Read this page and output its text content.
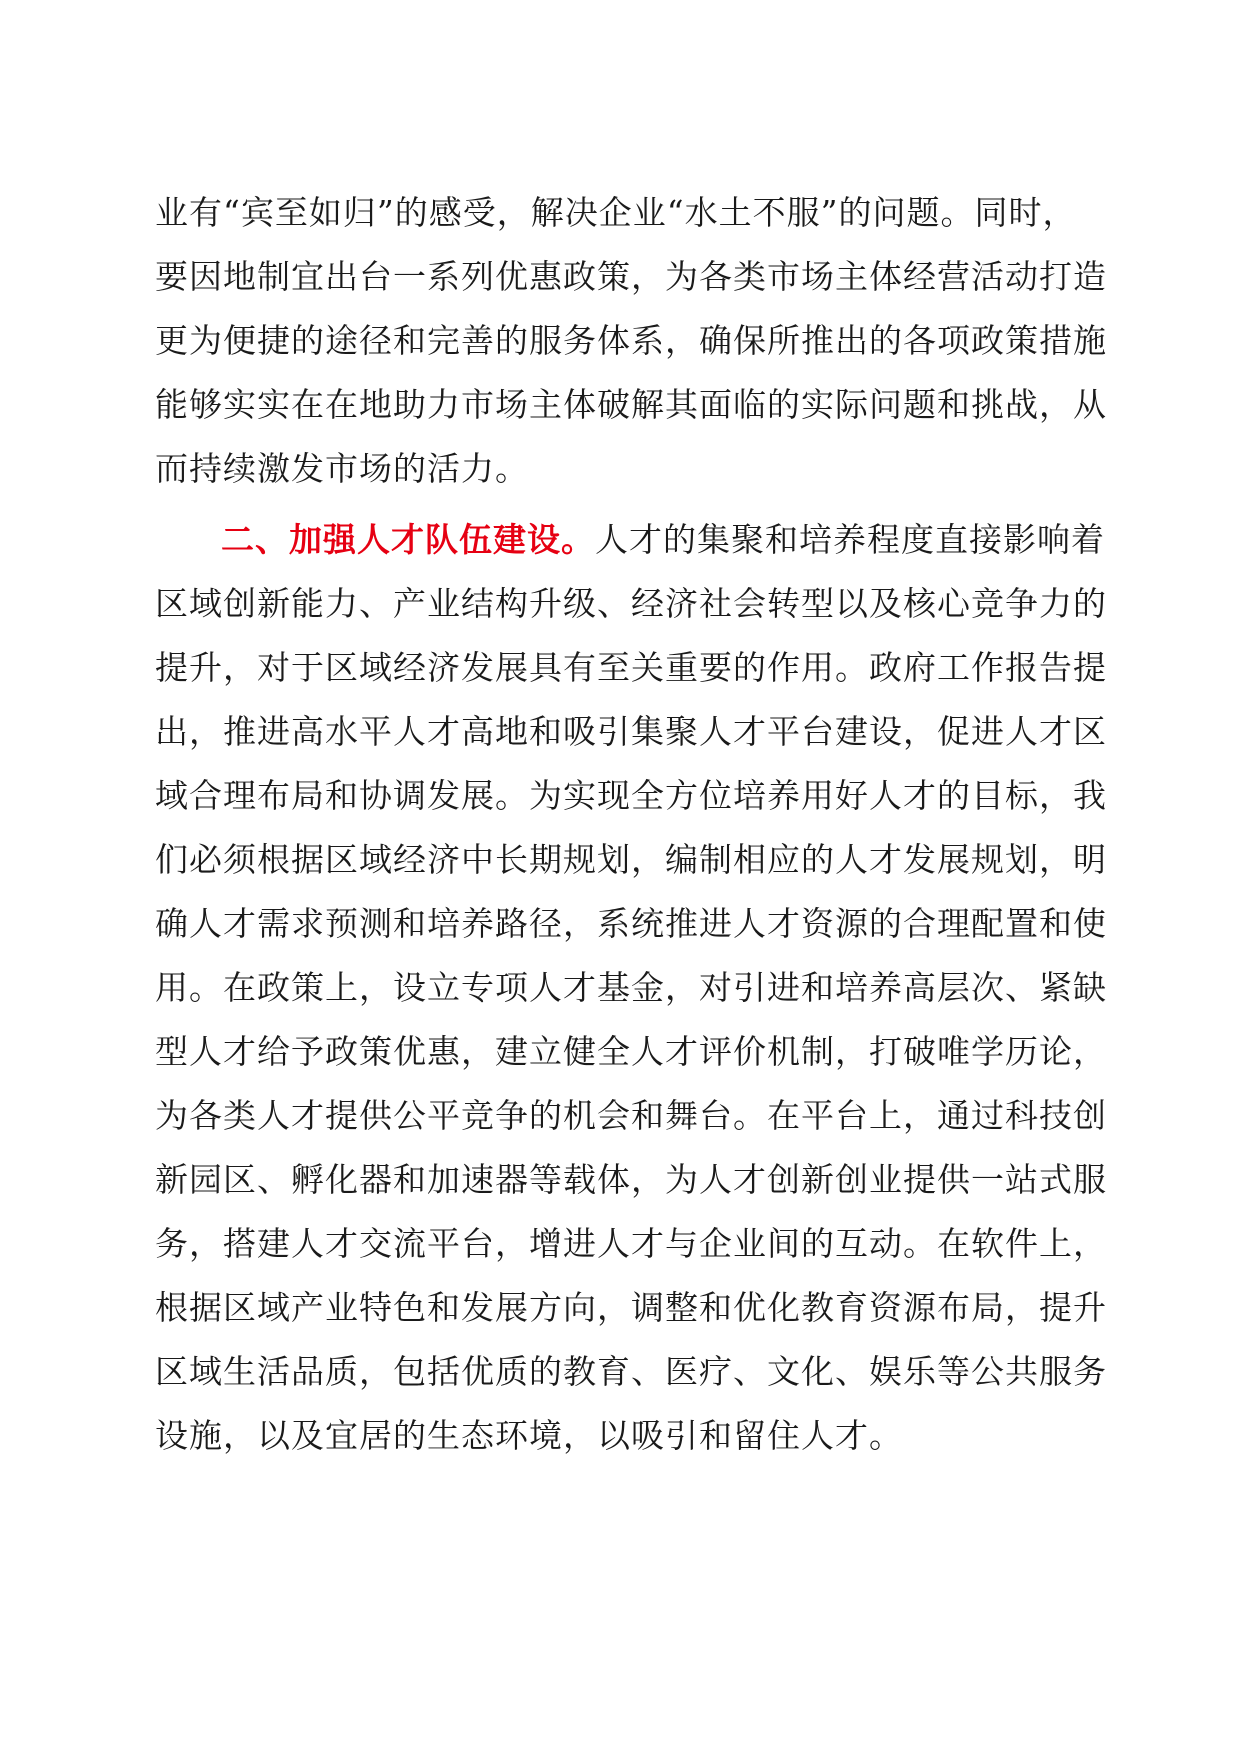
业有“宾至如归”的感受，解决企业“水土不服”的问题。同时，
要因地制宜出台一系列优惠政策，为各类市场主体经营活动打造
更为便捷的途径和完善的服务体系，确保所推出的各项政策措施
能够实实在在地助力市场主体破解其面临的实际问题和挑战，从
而持续激发市场的活力。
二、加强人才队伍建设。人才的集聚和培养程度直接影响着
区域创新能力、产业结构升级、经济社会转型以及核心竞争力的
提升，对于区域经济发展具有至关重要的作用。政府工作报告提
出，推进高水平人才高地和吸引集聚人才平台建设，促进人才区
域合理布局和协调发展。为实现全方位培养用好人才的目标，我
们必须根据区域经济中长期规划，编制相应的人才发展规划，明
确人才需求预测和培养路径，系统推进人才资源的合理配置和使
用。在政策上，设立专项人才基金，对引进和培养高层次、紧缺
型人才给予政策优惠，建立健全人才评价机制，打破唯学历论，
为各类人才提供公平竞争的机会和舞台。在平台上，通过科技创
新园区、孵化器和加速器等载体，为人才创新创业提供一站式服
务，搭建人才交流平台，增进人才与企业间的互动。在软件上，
根据区域产业特色和发展方向，调整和优化教育资源布局，提升
区域生活品质，包括优质的教育、医疗、文化、娱乐等公共服务
设施，以及宜居的生态环境，以吸引和留住人才。
